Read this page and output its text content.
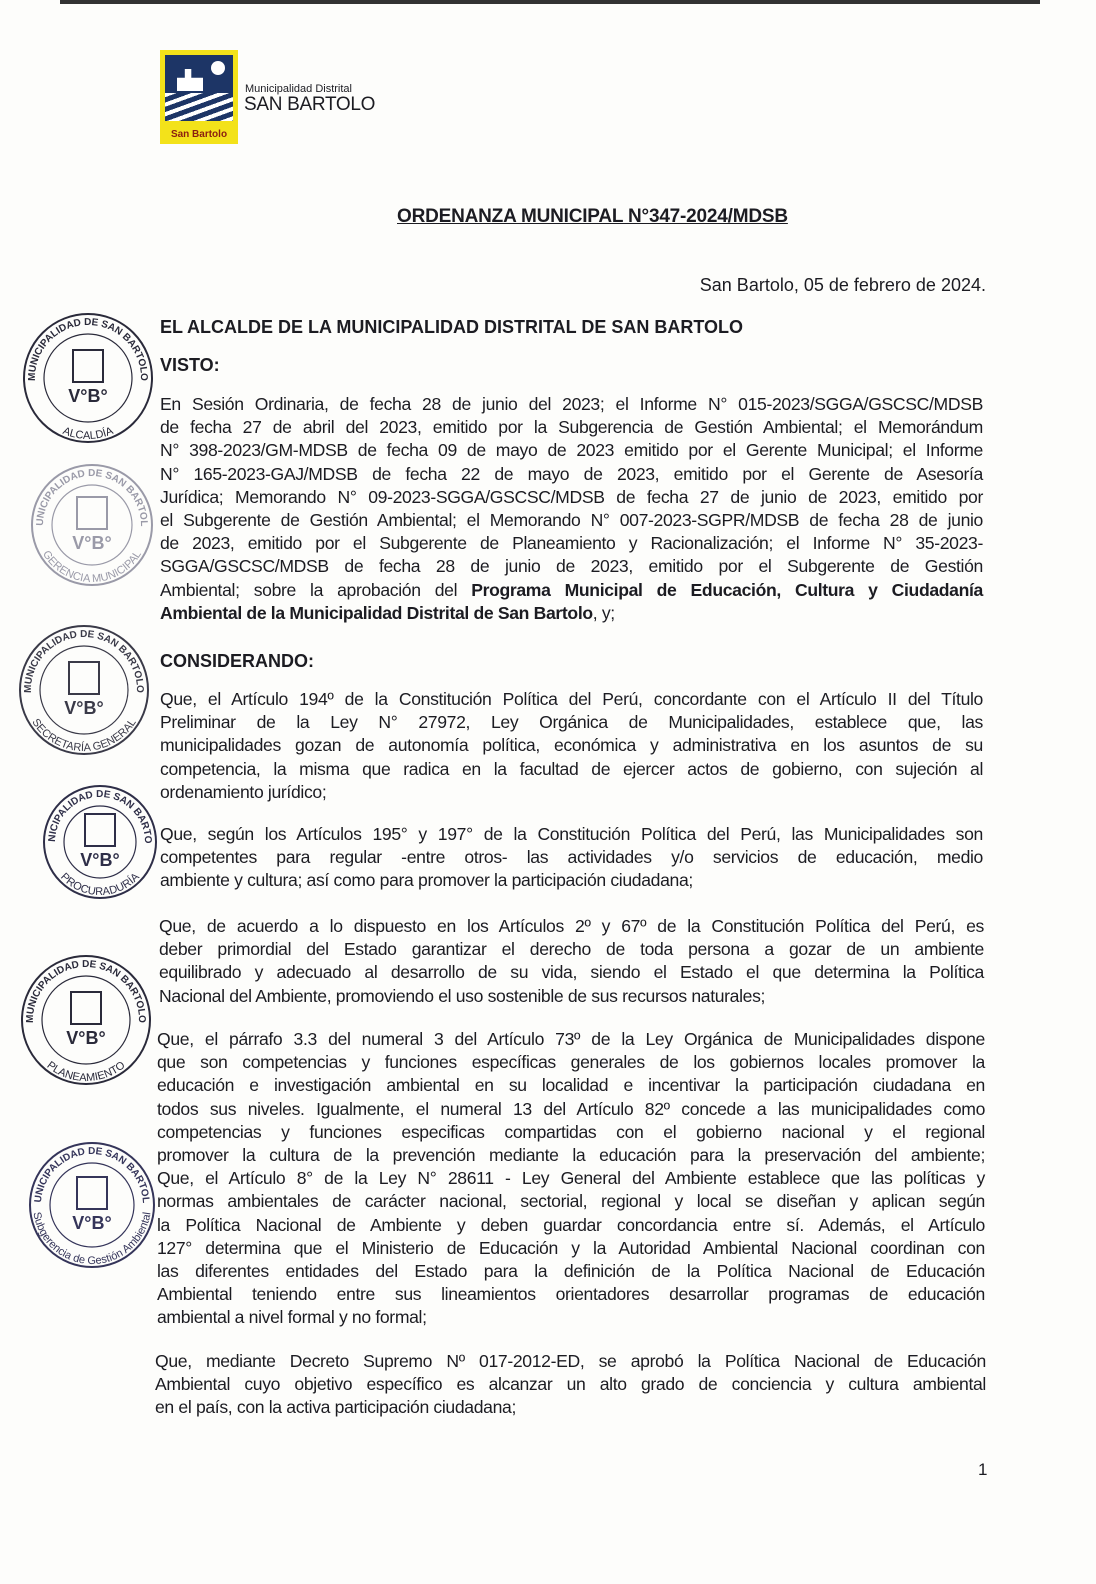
San Bartolo
Municipalidad Distrital
SAN BARTOLO
ORDENANZA MUNICIPAL N°347-2024/MDSB
San Bartolo, 05 de febrero de 2024.
EL ALCALDE DE LA MUNICIPALIDAD DISTRITAL DE SAN BARTOLO
VISTO:
CONSIDERANDO:
En Sesión Ordinaria, de fecha 28 de junio del 2023; el Informe N° 015-2023/SGGA/GSCSC/MDSB
de fecha 27 de abril del 2023, emitido por la Subgerencia de Gestión Ambiental; el Memorándum
N° 398-2023/GM-MDSB de fecha 09 de mayo de 2023 emitido por el Gerente Municipal; el Informe
N° 165-2023-GAJ/MDSB de fecha 22 de mayo de 2023, emitido por el Gerente de Asesoría
Jurídica; Memorando N° 09-2023-SGGA/GSCSC/MDSB de fecha 27 de junio de 2023, emitido por
el Subgerente de Gestión Ambiental; el Memorando N° 007-2023-SGPR/MDSB de fecha 28 de junio
de 2023, emitido por el Subgerente de Planeamiento y Racionalización; el Informe N° 35-2023-
SGGA/GSCSC/MDSB de fecha 28 de junio de 2023, emitido por el Subgerente de Gestión
Ambiental; sobre la aprobación del Programa Municipal de Educación, Cultura y Ciudadanía
Ambiental de la Municipalidad Distrital de San Bartolo, y;
Que, el Artículo 194º de la Constitución Política del Perú, concordante con el Artículo II del Título
Preliminar de la Ley N° 27972, Ley Orgánica de Municipalidades, establece que, las
municipalidades gozan de autonomía política, económica y administrativa en los asuntos de su
competencia, la misma que radica en la facultad de ejercer actos de gobierno, con sujeción al
ordenamiento jurídico;
Que, según los Artículos 195° y 197° de la Constitución Política del Perú, las Municipalidades son
competentes para regular -entre otros- las actividades y/o servicios de educación, medio
ambiente y cultura; así como para promover la participación ciudadana;
Que, de acuerdo a lo dispuesto en los Artículos 2º y 67º de la Constitución Política del Perú, es
deber primordial del Estado garantizar el derecho de toda persona a gozar de un ambiente
equilibrado y adecuado al desarrollo de su vida, siendo el Estado el que determina la Política
Nacional del Ambiente, promoviendo el uso sostenible de sus recursos naturales;
Que, el párrafo 3.3 del numeral 3 del Artículo 73º de la Ley Orgánica de Municipalidades dispone
que son competencias y funciones específicas generales de los gobiernos locales promover la
educación e investigación ambiental en su localidad e incentivar la participación ciudadana en
todos sus niveles. Igualmente, el numeral 13 del Artículo 82º concede a las municipalidades como
competencias y funciones especificas compartidas con el gobierno nacional y el regional
promover la cultura de la prevención mediante la educación para la preservación del ambiente;
Que, el Artículo 8° de la Ley N° 28611 - Ley General del Ambiente establece que las políticas y
normas ambientales de carácter nacional, sectorial, regional y local se diseñan y aplican según
la Política Nacional de Ambiente y deben guardar concordancia entre sí. Además, el Artículo
127° determina que el Ministerio de Educación y la Autoridad Ambiental Nacional coordinan con
las diferentes entidades del Estado para la definición de la Política Nacional de Educación
Ambiental teniendo entre sus lineamientos orientadores desarrollar programas de educación
ambiental a nivel formal y no formal;
Que, mediante Decreto Supremo Nº 017-2012-ED, se aprobó la Política Nacional de Educación
Ambiental cuyo objetivo específico es alcanzar un alto grado de conciencia y cultura ambiental
en el país, con la activa participación ciudadana;
1
MUNICIPALIDAD DE SAN BARTOLO
ALCALDÍA
V°B°
UNICIPALIDAD DE SAN BARTOL
GERENCIA MUNICIPAL
V°B°
MUNICIPALIDAD DE SAN BARTOLO
SECRETARÍA GENERAL
V°B°
NICIPALIDAD DE SAN BARTO
PROCURADURÍA
V°B°
MUNICIPALIDAD DE SAN BARTOLO
PLANEAMIENTO
V°B°
UNICIPALIDAD DE SAN BARTOL
Subgerencia de Gestión Ambiental
V°B°
